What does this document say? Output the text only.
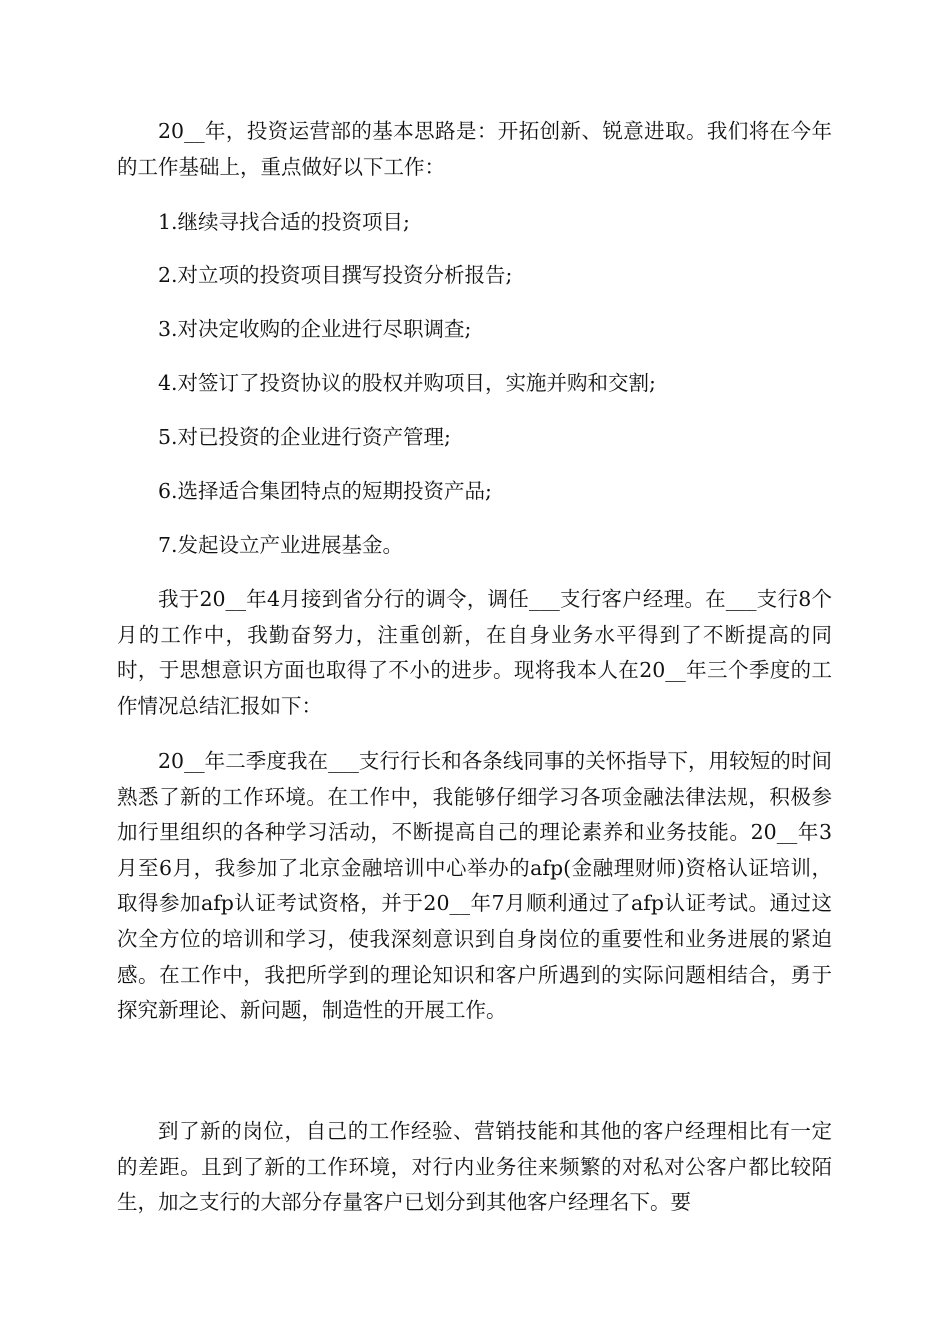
20__年，投资运营部的基本思路是：开拓创新、锐意进取。我们将在今年的工作基础上，重点做好以下工作：

1.继续寻找合适的投资项目;

2.对立项的投资项目撰写投资分析报告;

3.对决定收购的企业进行尽职调查;

4.对签订了投资协议的股权并购项目，实施并购和交割;

5.对已投资的企业进行资产管理;

6.选择适合集团特点的短期投资产品;

7.发起设立产业进展基金。

我于20__年4月接到省分行的调令，调任___支行客户经理。在___支行8个月的工作中，我勤奋努力，注重创新，在自身业务水平得到了不断提高的同时，于思想意识方面也取得了不小的进步。现将我本人在20__年三个季度的工作情况总结汇报如下：

20__年二季度我在___支行行长和各条线同事的关怀指导下，用较短的时间熟悉了新的工作环境。在工作中，我能够仔细学习各项金融法律法规，积极参加行里组织的各种学习活动，不断提高自己的理论素养和业务技能。20__年3月至6月，我参加了北京金融培训中心举办的afp(金融理财师)资格认证培训，取得参加afp认证考试资格，并于20__年7月顺利通过了afp认证考试。通过这次全方位的培训和学习，使我深刻意识到自身岗位的重要性和业务进展的紧迫感。在工作中，我把所学到的理论知识和客户所遇到的实际问题相结合，勇于探究新理论、新问题，制造性的开展工作。

到了新的岗位，自己的工作经验、营销技能和其他的客户经理相比有一定的差距。且到了新的工作环境，对行内业务往来频繁的对私对公客户都比较陌生，加之支行的大部分存量客户已划分到其他客户经理名下。要
